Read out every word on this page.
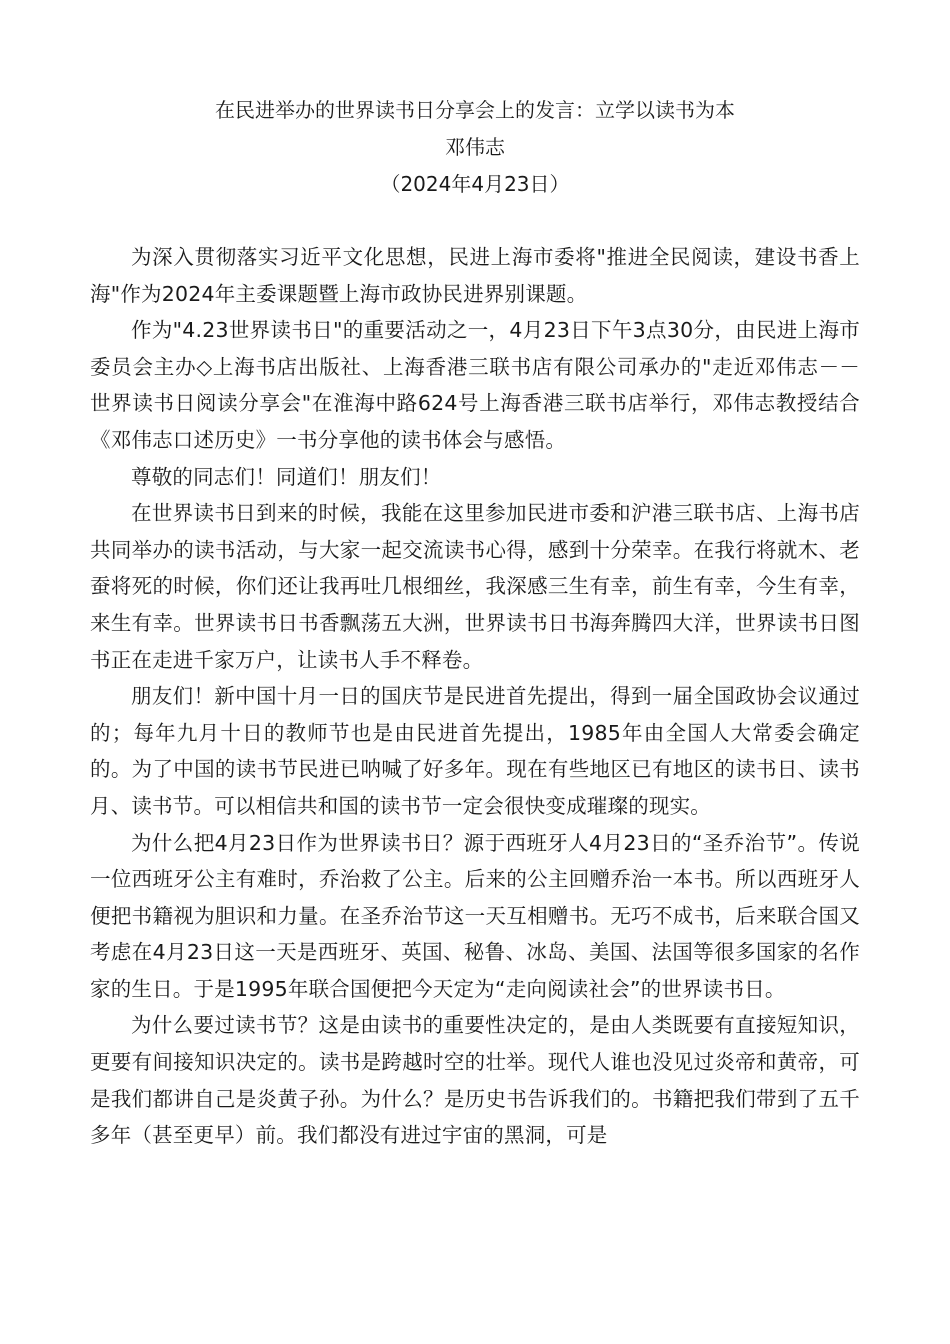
在民进举办的世界读书日分享会上的发言：立学以读书为本

邓伟志

（2024年4月23日）

为深入贯彻落实习近平文化思想，民进上海市委将"推进全民阅读，建设书香上海"作为2024年主委课题暨上海市政协民进界别课题。

作为"4.23世界读书日"的重要活动之一，4月23日下午3点30分，由民进上海市委员会主办◇上海书店出版社、上海香港三联书店有限公司承办的"走近邓伟志－－世界读书日阅读分享会"在淮海中路624号上海香港三联书店举行，邓伟志教授结合《邓伟志口述历史》一书分享他的读书体会与感悟。

尊敬的同志们！同道们！朋友们！

在世界读书日到来的时候，我能在这里参加民进市委和沪港三联书店、上海书店共同举办的读书活动，与大家一起交流读书心得，感到十分荣幸。在我行将就木、老蚕将死的时候，你们还让我再吐几根细丝，我深感三生有幸，前生有幸，今生有幸，来生有幸。世界读书日书香飘荡五大洲，世界读书日书海奔腾四大洋，世界读书日图书正在走进千家万户，让读书人手不释卷。

朋友们！新中国十月一日的国庆节是民进首先提出，得到一届全国政协会议通过的；每年九月十日的教师节也是由民进首先提出，1985年由全国人大常委会确定的。为了中国的读书节民进已呐喊了好多年。现在有些地区已有地区的读书日、读书月、读书节。可以相信共和国的读书节一定会很快变成璀璨的现实。

为什么把4月23日作为世界读书日？源于西班牙人4月23日的“圣乔治节”。传说一位西班牙公主有难时，乔治救了公主。后来的公主回赠乔治一本书。所以西班牙人便把书籍视为胆识和力量。在圣乔治节这一天互相赠书。无巧不成书，后来联合国又考虑在4月23日这一天是西班牙、英国、秘鲁、冰岛、美国、法国等很多国家的名作家的生日。于是1995年联合国便把今天定为“走向阅读社会”的世界读书日。

为什么要过读书节？这是由读书的重要性决定的，是由人类既要有直接短知识，更要有间接知识决定的。读书是跨越时空的壮举。现代人谁也没见过炎帝和黄帝，可是我们都讲自己是炎黄子孙。为什么？是历史书告诉我们的。书籍把我们带到了五千多年（甚至更早）前。我们都没有进过宇宙的黑洞，可是
